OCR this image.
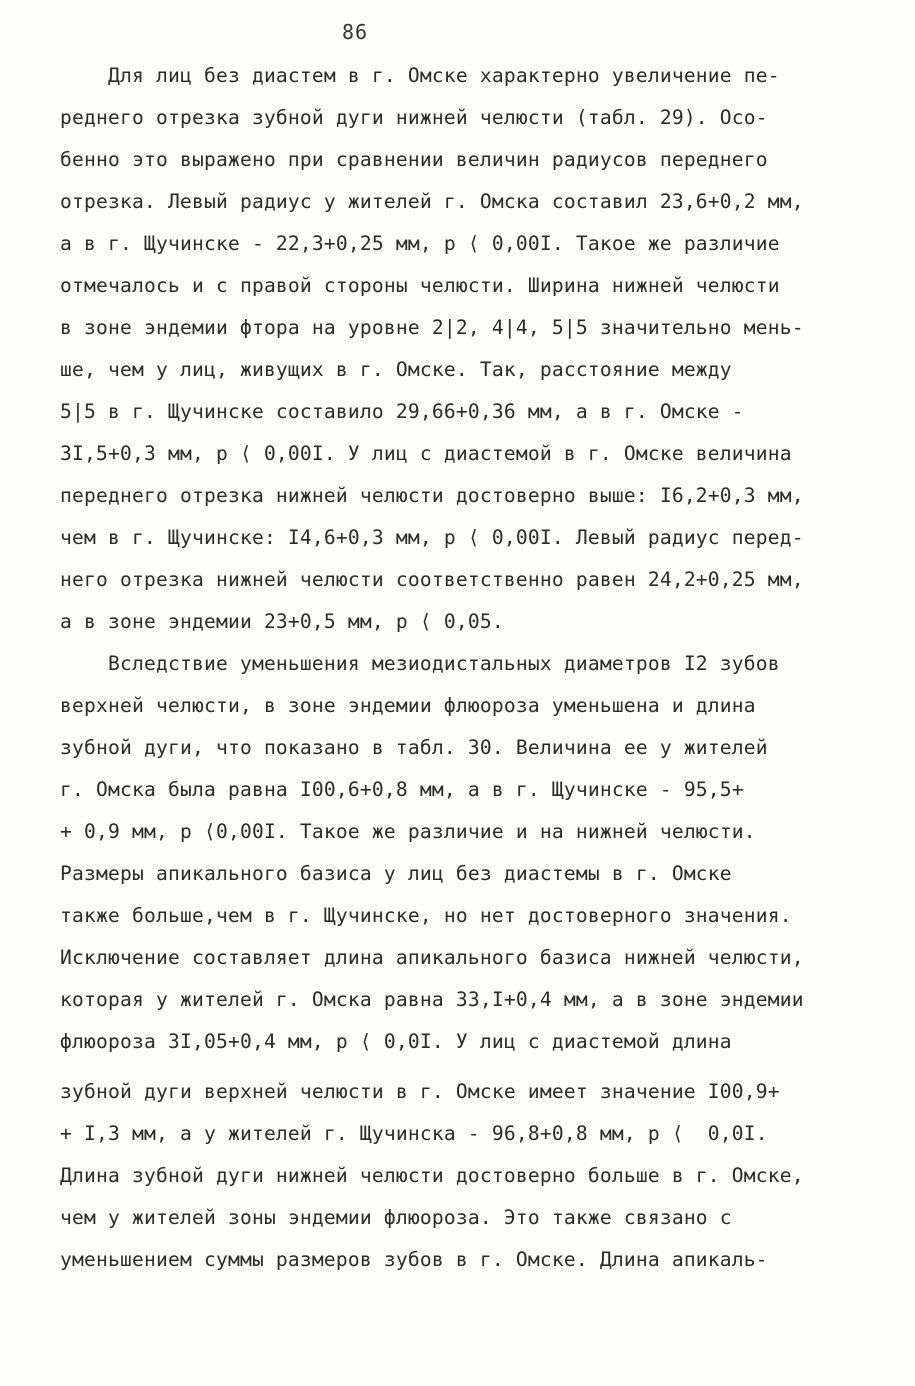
86
Для лиц без диастем в г. Омске характерно увеличение пе-
реднего отрезка зубной дуги нижней челюсти (табл. 29). Осо-
бенно это выражено при сравнении величин радиусов переднего
отрезка. Левый радиус у жителей г. Омска составил 23,6+0,2 мм,
а в г. Щучинске - 22,3+0,25 мм, р ⟨ 0,00I. Такое же различие
отмечалось и с правой стороны челюсти. Ширина нижней челюсти
в зоне эндемии фтора на уровне 2|2, 4|4, 5|5 значительно мень-
ше, чем у лиц, живущих в г. Омске. Так, расстояние между
5|5 в г. Щучинске составило 29,66+0,36 мм, а в г. Омске -
3I,5+0,3 мм, р ⟨ 0,00I. У лиц с диастемой в г. Омске величина
переднего отрезка нижней челюсти достоверно выше: I6,2+0,3 мм,
чем в г. Щучинске: I4,6+0,3 мм, р ⟨ 0,00I. Левый радиус перед-
него отрезка нижней челюсти соответственно равен 24,2+0,25 мм,
а в зоне эндемии 23+0,5 мм, р ⟨ 0,05.
Вследствие уменьшения мезиодистальных диаметров I2 зубов
верхней челюсти, в зоне эндемии флюороза уменьшена и длина
зубной дуги, что показано в табл. 30. Величина ее у жителей
г. Омска была равна I00,6+0,8 мм, а в г. Щучинске - 95,5+
+ 0,9 мм, р ⟨0,00I. Такое же различие и на нижней челюсти.
Размеры апикального базиса у лиц без диастемы в г. Омске
также больше,чем в г. Щучинске, но нет достоверного значения.
Исключение составляет длина апикального базиса нижней челюсти,
которая у жителей г. Омска равна 33,I+0,4 мм, а в зоне эндемии
флюороза 3I,05+0,4 мм, р ⟨ 0,0I. У лиц с диастемой длина
зубной дуги верхней челюсти в г. Омске имеет значение I00,9+
+ I,3 мм, а у жителей г. Щучинска - 96,8+0,8 мм, р ⟨  0,0I.
Длина зубной дуги нижней челюсти достоверно больше в г. Омске,
чем у жителей зоны эндемии флюороза. Это также связано с
уменьшением суммы размеров зубов в г. Омске. Длина апикаль-
